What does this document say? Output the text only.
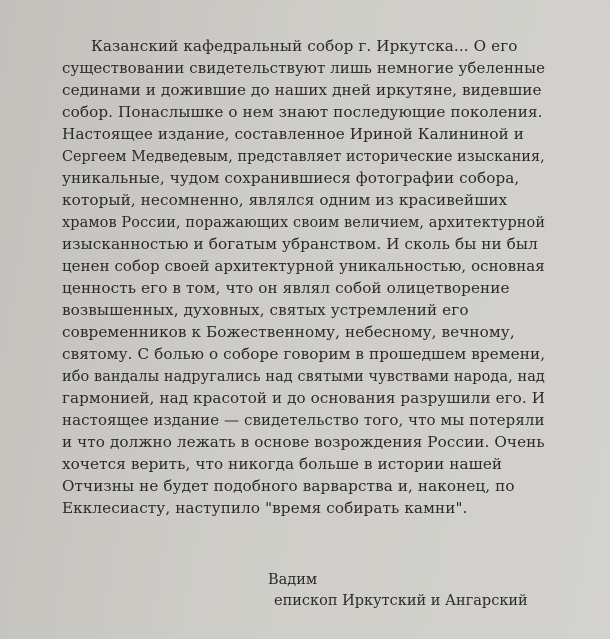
Казанский кафедральный собор г. Иркутска... О его
существовании свидетельствуют лишь немногие убеленные
сединами и дожившие до наших дней иркутяне, видевшие
собор. Понаслышке о нем знают последующие поколения.
Настоящее издание, составленное Ириной Калининой и
Сергеем Медведевым, представляет исторические изыскания,
уникальные, чудом сохранившиеся фотографии собора,
который, несомненно, являлся одним из красивейших
храмов России, поражающих своим величием, архитектурной
изысканностью и богатым убранством. И сколь бы ни был
ценен собор своей архитектурной уникальностью, основная
ценность его в том, что он являл собой олицетворение
возвышенных, духовных, святых устремлений его
современников к Божественному, небесному, вечному,
святому. С болью о соборе говорим в прошедшем времени,
ибо вандалы надругались над святыми чувствами народа, над
гармонией, над красотой и до основания разрушили его. И
настоящее издание — свидетельство того, что мы потеряли
и что должно лежать в основе возрождения России. Очень
хочется верить, что никогда больше в истории нашей
Отчизны не будет подобного варварства и, наконец, по
Екклесиасту, наступило "время собирать камни".
Вадим
епископ Иркутский и Ангарский
